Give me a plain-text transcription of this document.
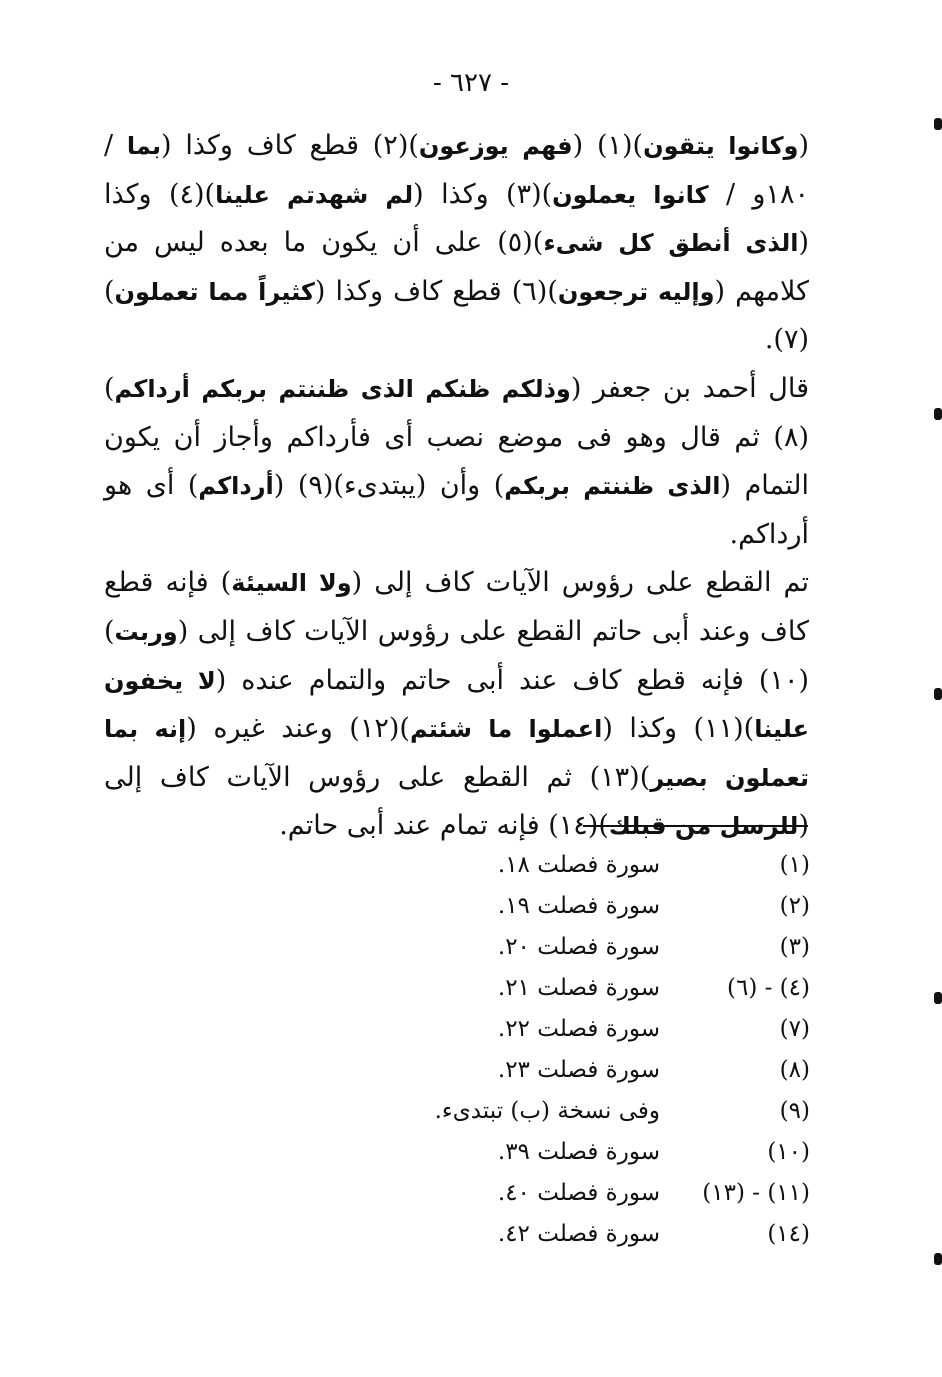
- ٦٢٧ -

(وكانوا يتقون)(١) (فهم يوزعون)(٢) قطع كاف وكذا (بما / ١٨٠و / كانوا يعملون)(٣) وكذا (لم شهدتم علينا)(٤) وكذا (الذى أنطق كل شىء)(٥) على أن يكون ما بعده ليس من كلامهم (وإليه ترجعون)(٦) قطع كاف وكذا (كثيراً مما تعملون)(٧).

قال أحمد بن جعفر (وذلكم ظنكم الذى ظننتم بربكم أرداكم)(٨) ثم قال وهو فى موضع نصب أى فأرداكم وأجاز أن يكون التمام (الذى ظننتم بربكم) وأن (يبتدىء)(٩) (أرداكم) أى هو أرداكم.

تم القطع على رؤوس الآيات كاف إلى (ولا السيئة) فإنه قطع كاف وعند أبى حاتم القطع على رؤوس الآيات كاف إلى (وربت)(١٠) فإنه قطع كاف عند أبى حاتم والتمام عنده (لا يخفون علينا)(١١) وكذا (اعملوا ما شئتم)(١٢) وعند غيره (إنه بما تعملون بصير)(١٣) ثم القطع على رؤوس الآيات كاف إلى (للرسل من قبلك)(١٤) فإنه تمام عند أبى حاتم.

(١)
سورة فصلت ١٨.
(٢)
سورة فصلت ١٩.
(٣)
سورة فصلت ٢٠.
(٤) - (٦)
سورة فصلت ٢١.
(٧)
سورة فصلت ٢٢.
(٨)
سورة فصلت ٢٣.
(٩)
وفى نسخة (ب) تبتدىء.
(١٠)
سورة فصلت ٣٩.
(١١) - (١٣)
سورة فصلت ٤٠.
(١٤)
سورة فصلت ٤٢.
